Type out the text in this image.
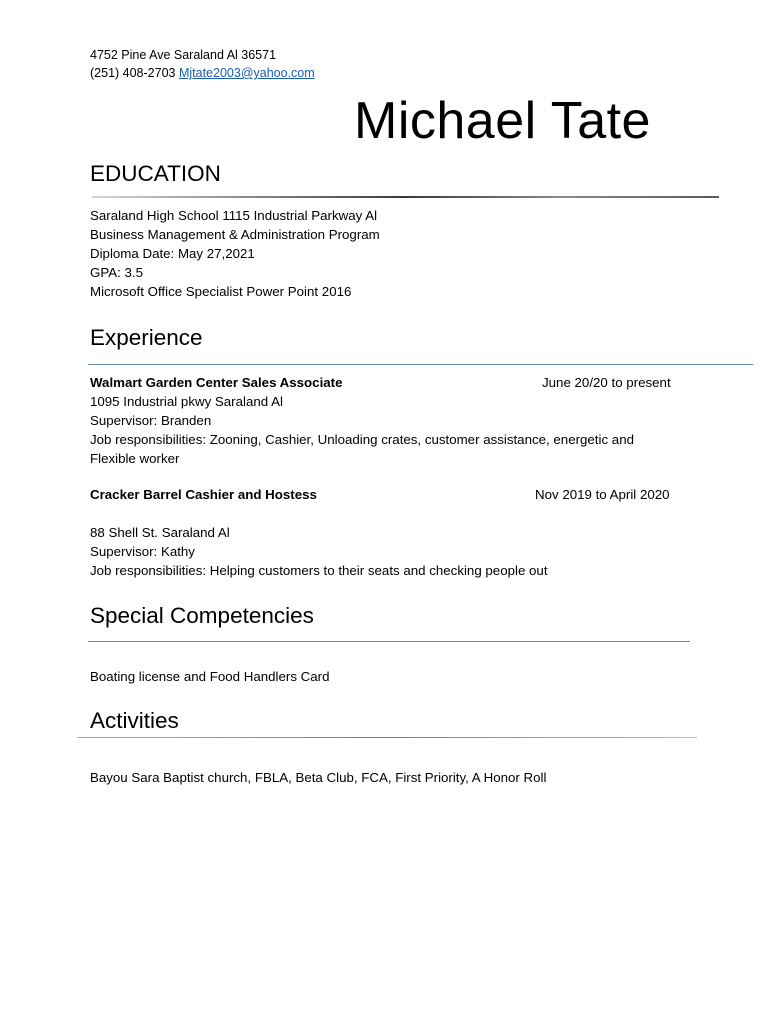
4752 Pine Ave Saraland Al 36571
(251) 408-2703 Mjtate2003@yahoo.com
Michael Tate
EDUCATION
Saraland High School 1115 Industrial Parkway Al
Business Management & Administration Program
Diploma Date: May 27,2021
GPA: 3.5
Microsoft Office Specialist Power Point 2016
Experience
Walmart Garden Center Sales Associate	June 20/20 to present
1095 Industrial pkwy Saraland Al
Supervisor: Branden
Job responsibilities: Zooning, Cashier, Unloading crates, customer assistance, energetic and
Flexible worker
Cracker Barrel Cashier and Hostess	Nov 2019 to April 2020
88 Shell St. Saraland Al
Supervisor: Kathy
Job responsibilities: Helping customers to their seats and checking people out
Special Competencies
Boating license and Food Handlers Card
Activities
Bayou Sara Baptist church, FBLA, Beta Club, FCA, First Priority, A Honor Roll
